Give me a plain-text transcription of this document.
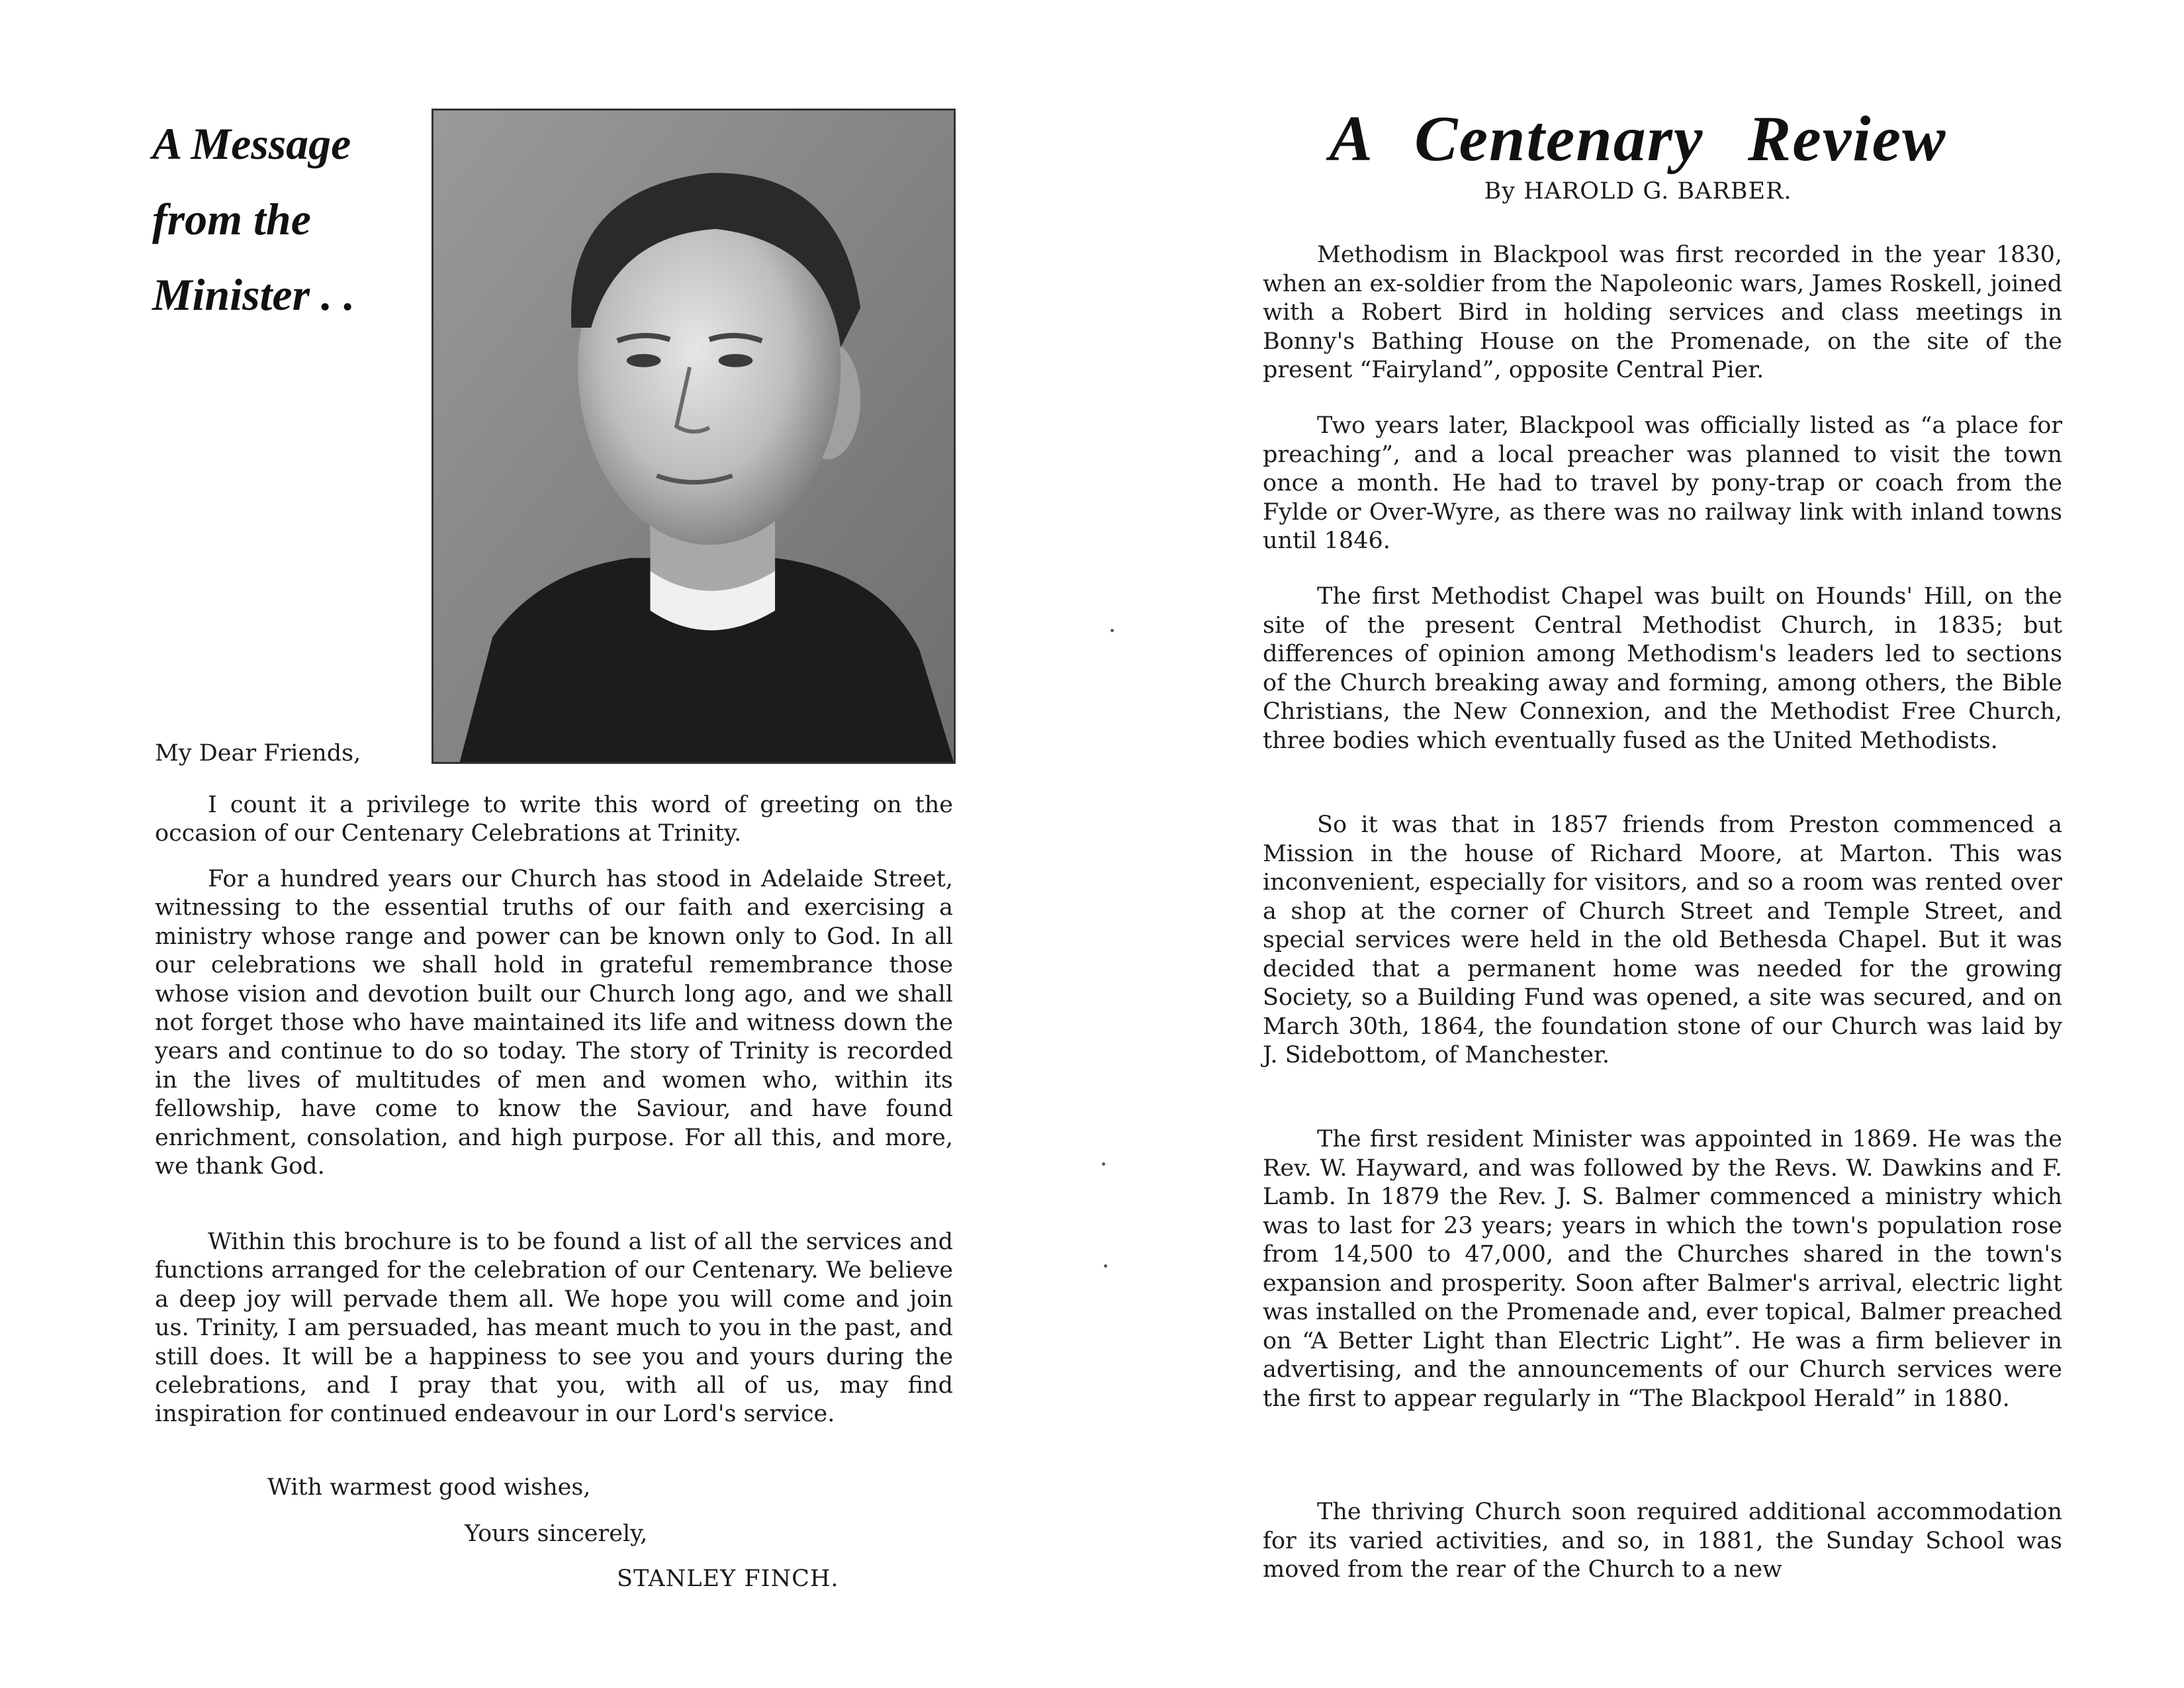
A Message
from the
Minister . .
My Dear Friends,

I count it a privilege to write this word of greeting on the occasion of our Centenary Celebrations at Trinity.

For a hundred years our Church has stood in Adelaide Street, witnessing to the essential truths of our faith and exercising a ministry whose range and power can be known only to God. In all our celebrations we shall hold in grateful remembrance those whose vision and devotion built our Church long ago, and we shall not forget those who have maintained its life and witness down the years and continue to do so today. The story of Trinity is recorded in the lives of multitudes of men and women who, within its fellowship, have come to know the Saviour, and have found enrichment, consolation, and high purpose. For all this, and more, we thank God.

Within this brochure is to be found a list of all the services and functions arranged for the celebration of our Centenary. We believe a deep joy will pervade them all. We hope you will come and join us. Trinity, I am persuaded, has meant much to you in the past, and still does. It will be a happiness to see you and yours during the celebrations, and I pray that you, with all of us, may find inspiration for continued endeavour in our Lord's service.

With warmest good wishes,
Yours sincerely,
STANLEY FINCH.
A Centenary Review
By HAROLD G. BARBER.

Methodism in Blackpool was first recorded in the year 1830, when an ex-soldier from the Napoleonic wars, James Roskell, joined with a Robert Bird in holding services and class meetings in Bonny's Bathing House on the Promenade, on the site of the present “Fairyland”, opposite Central Pier.

Two years later, Blackpool was officially listed as “a place for preaching”, and a local preacher was planned to visit the town once a month. He had to travel by pony-trap or coach from the Fylde or Over-Wyre, as there was no railway link with inland towns until 1846.

The first Methodist Chapel was built on Hounds' Hill, on the site of the present Central Methodist Church, in 1835; but differences of opinion among Methodism's leaders led to sections of the Church breaking away and forming, among others, the Bible Christians, the New Connexion, and the Methodist Free Church, three bodies which eventually fused as the United Methodists.

So it was that in 1857 friends from Preston commenced a Mission in the house of Richard Moore, at Marton. This was inconvenient, especially for visitors, and so a room was rented over a shop at the corner of Church Street and Temple Street, and special services were held in the old Bethesda Chapel. But it was decided that a permanent home was needed for the growing Society, so a Building Fund was opened, a site was secured, and on March 30th, 1864, the foundation stone of our Church was laid by J. Sidebottom, of Manchester.

The first resident Minister was appointed in 1869. He was the Rev. W. Hayward, and was followed by the Revs. W. Dawkins and F. Lamb. In 1879 the Rev. J. S. Balmer commenced a ministry which was to last for 23 years; years in which the town's population rose from 14,500 to 47,000, and the Churches shared in the town's expansion and prosperity. Soon after Balmer's arrival, electric light was installed on the Promenade and, ever topical, Balmer preached on “A Better Light than Electric Light”. He was a firm believer in advertising, and the announcements of our Church services were the first to appear regularly in “The Blackpool Herald” in 1880.

The thriving Church soon required additional accommodation for its varied activities, and so, in 1881, the Sunday School was moved from the rear of the Church to a new
